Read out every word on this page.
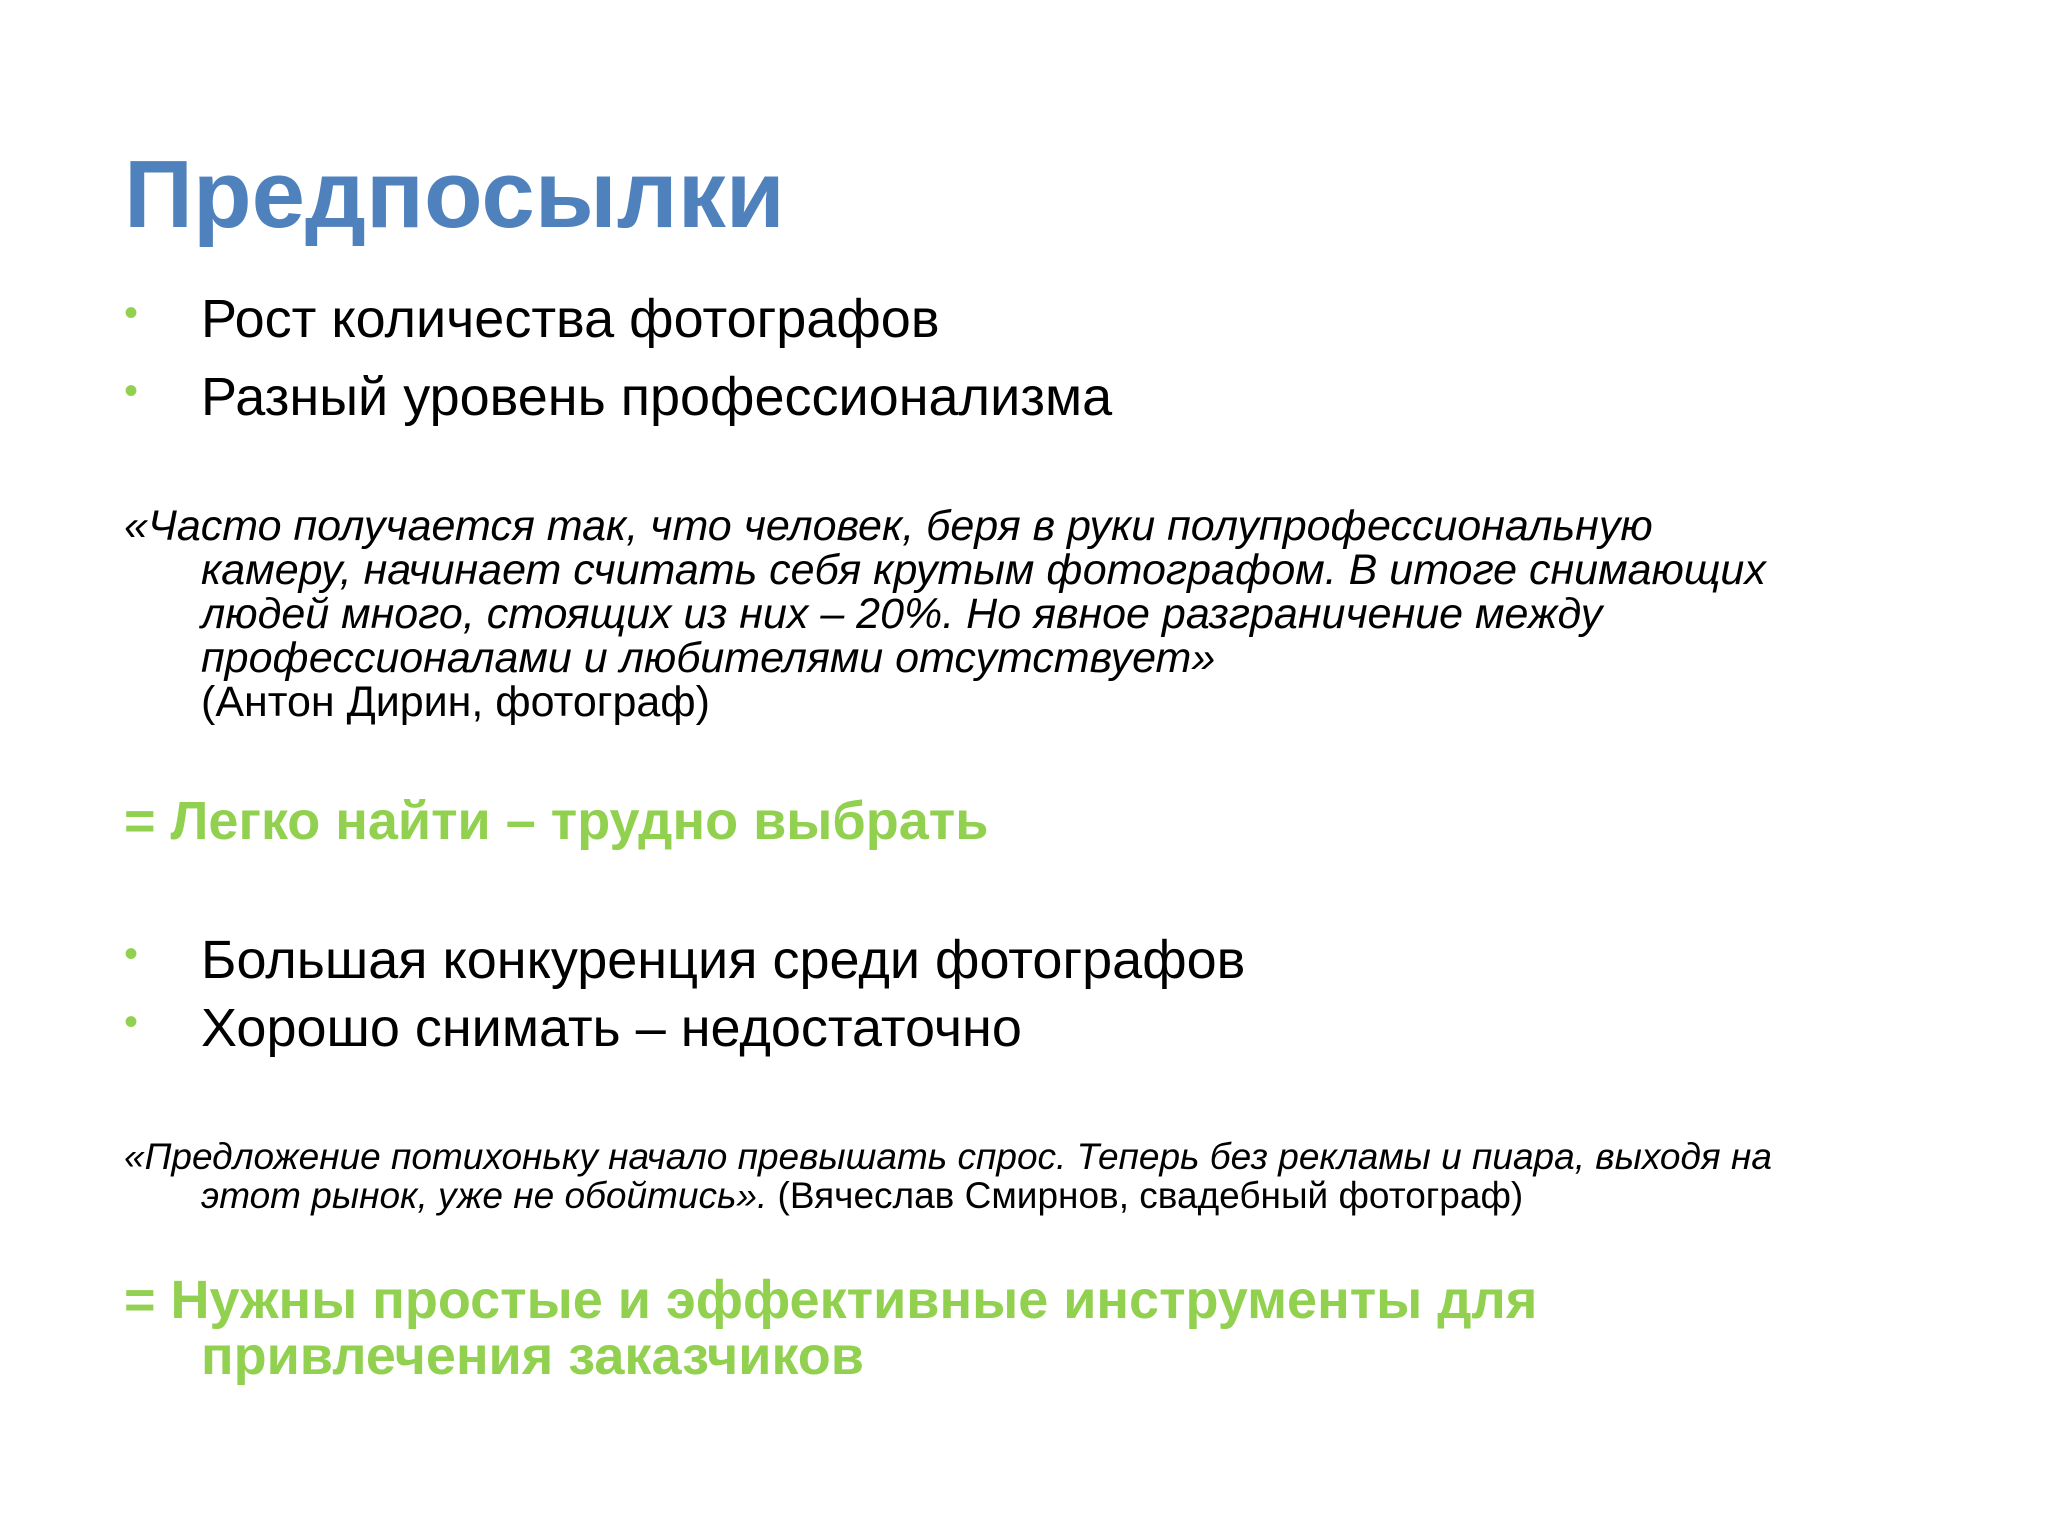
Предпосылки
• Рост количества фотографов
• Разный уровень профессионализма
«Часто получается так, что человек, беря в руки полупрофессиональную
камеру, начинает считать себя крутым фотографом. В итоге снимающих
людей много, стоящих из них – 20%. Но явное разграничение между
профессионалами и любителями отсутствует»
(Антон Дирин, фотограф)

= Легко найти – трудно выбрать

• Большая конкуренция среди фотографов
• Хорошо снимать – недостаточно
«Предложение потихоньку начало превышать спрос. Теперь без рекламы и пиара, выходя на
этот рынок, уже не обойтись». (Вячеслав Смирнов, свадебный фотограф)

= Нужны простые и эффективные инструменты для
привлечения заказчиков
